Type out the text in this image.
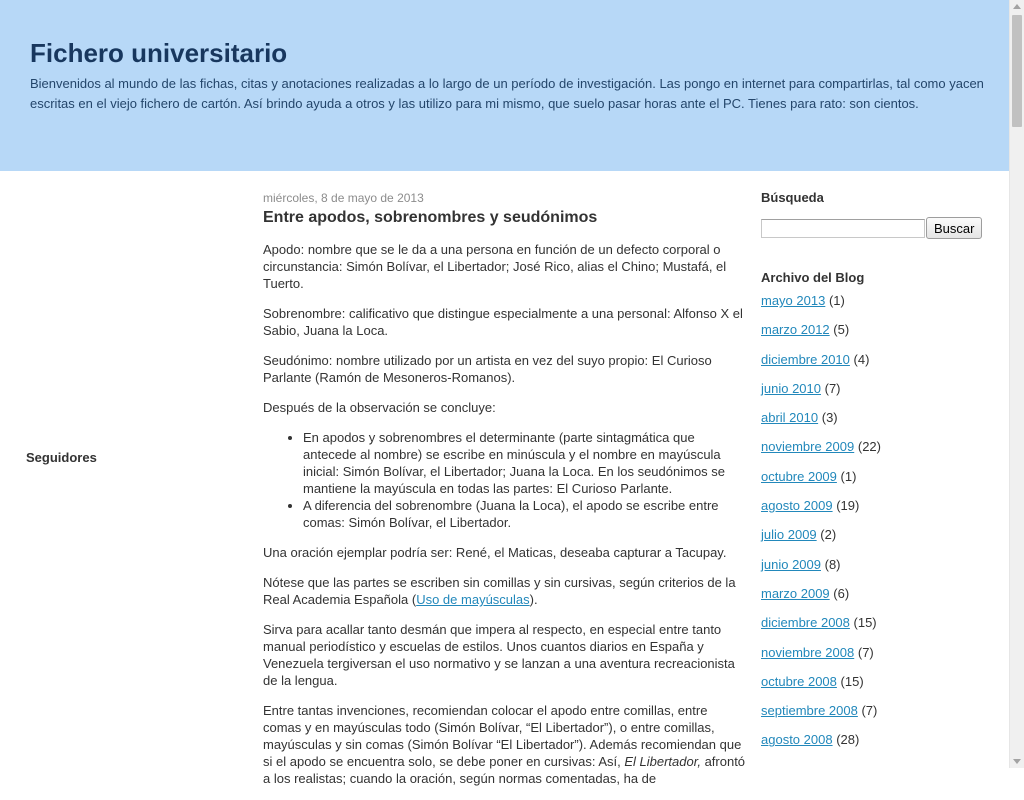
Fichero universitario
Bienvenidos al mundo de las fichas, citas y anotaciones realizadas a lo largo de un período de investigación. Las pongo en internet para compartirlas, tal como yacen escritas en el viejo fichero de cartón. Así brindo ayuda a otros y las utilizo para mi mismo, que suelo pasar horas ante el PC. Tienes para rato: son cientos.
Seguidores
miércoles, 8 de mayo de 2013
Entre apodos, sobrenombres y seudónimos

Apodo: nombre que se le da a una persona en función de un defecto corporal o circunstancia: Simón Bolívar, el Libertador; José Rico, alias el Chino; Mustafá, el Tuerto.

Sobrenombre: calificativo que distingue especialmente a una personal: Alfonso X el Sabio, Juana la Loca.

Seudónimo: nombre utilizado por un artista en vez del suyo propio: El Curioso Parlante (Ramón de Mesoneros-Romanos).

Después de la observación se concluye:

• En apodos y sobrenombres el determinante (parte sintagmática que antecede al nombre) se escribe en minúscula y el nombre en mayúscula inicial: Simón Bolívar, el Libertador; Juana la Loca. En los seudónimos se mantiene la mayúscula en todas las partes: El Curioso Parlante.
• A diferencia del sobrenombre (Juana la Loca), el apodo se escribe entre comas: Simón Bolívar, el Libertador.

Una oración ejemplar podría ser: René, el Maticas, deseaba capturar a Tacupay.

Nótese que las partes se escriben sin comillas y sin cursivas, según criterios de la Real Academia Española (Uso de mayúsculas).

Sirva para acallar tanto desmán que impera al respecto, en especial entre tanto manual periodístico y escuelas de estilos. Unos cuantos diarios en España y Venezuela tergiversan el uso normativo y se lanzan a una aventura recreacionista de la lengua.

Entre tantas invenciones, recomiendan colocar el apodo entre comillas, entre comas y en mayúsculas todo (Simón Bolívar, “El Libertador”), o entre comillas, mayúsculas y sin comas (Simón Bolívar “El Libertador”). Además recomiendan que si el apodo se encuentra solo, se debe poner en cursivas: Así, El Libertador, afrontó a los realistas; cuando la oración, según normas comentadas, ha de

Búsqueda
Buscar
Archivo del Blog
mayo 2013 (1)
marzo 2012 (5)
diciembre 2010 (4)
junio 2010 (7)
abril 2010 (3)
noviembre 2009 (22)
octubre 2009 (1)
agosto 2009 (19)
julio 2009 (2)
junio 2009 (8)
marzo 2009 (6)
diciembre 2008 (15)
noviembre 2008 (7)
octubre 2008 (15)
septiembre 2008 (7)
agosto 2008 (28)
